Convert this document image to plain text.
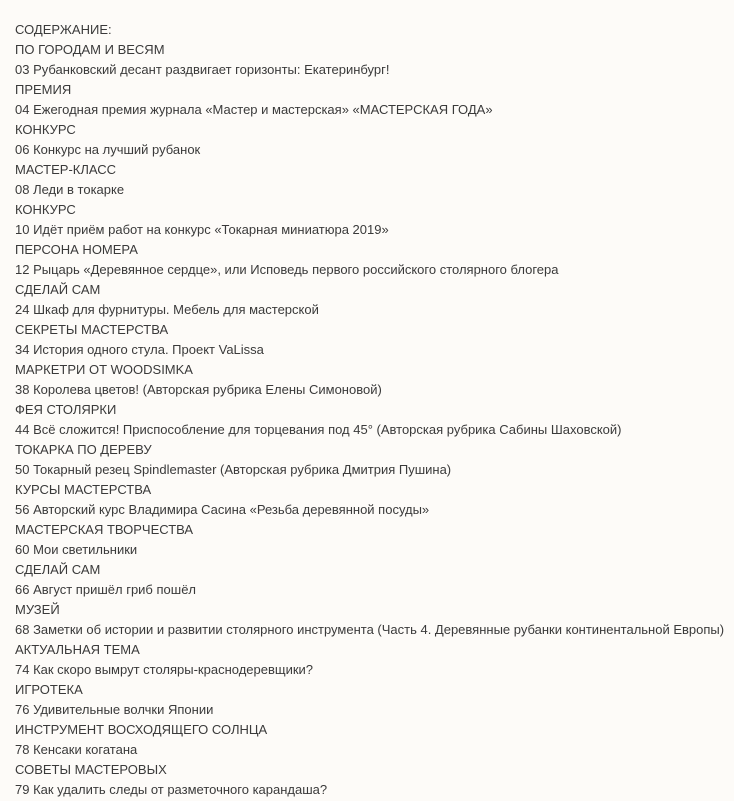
СОДЕРЖАНИЕ:
ПО ГОРОДАМ И ВЕСЯМ
03 Рубанковский десант раздвигает горизонты: Екатеринбург!
ПРЕМИЯ
04 Ежегодная премия журнала «Мастер и мастерская» «МАСТЕРСКАЯ ГОДА»
КОНКУРС
06 Конкурс на лучший рубанок
МАСТЕР-КЛАСС
08 Леди в токарке
КОНКУРС
10 Идёт приём работ на конкурс «Токарная миниатюра 2019»
ПЕРСОНА НОМЕРА
12 Рыцарь «Деревянное сердце», или Исповедь первого российского столярного блогера
СДЕЛАЙ САМ
24 Шкаф для фурнитуры. Мебель для мастерской
СЕКРЕТЫ МАСТЕРСТВА
34 История одного стула. Проект VaLissa
МАРКЕТРИ ОТ WOODSIMKA
38 Королева цветов! (Авторская рубрика Елены Симоновой)
ФЕЯ СТОЛЯРКИ
44 Всё сложится! Приспособление для торцевания под 45° (Авторская рубрика Сабины Шаховской)
ТОКАРКА ПО ДЕРЕВУ
50 Токарный резец Spindlemaster (Авторская рубрика Дмитрия Пушина)
КУРСЫ МАСТЕРСТВА
56 Авторский курс Владимира Сасина «Резьба деревянной посуды»
МАСТЕРСКАЯ ТВОРЧЕСТВА
60 Мои светильники
СДЕЛАЙ САМ
66 Август пришёл гриб пошёл
МУЗЕЙ
68 Заметки об истории и развитии столярного инструмента (Часть 4. Деревянные рубанки континентальной Европы)
АКТУАЛЬНАЯ ТЕМА
74 Как скоро вымрут столяры-краснодеревщики?
ИГРОТЕКА
76 Удивительные волчки Японии
ИНСТРУМЕНТ ВОСХОДЯЩЕГО СОЛНЦА
78 Кенсаки когатана
СОВЕТЫ МАСТЕРОВЫХ
79 Как удалить следы от разметочного карандаша?
